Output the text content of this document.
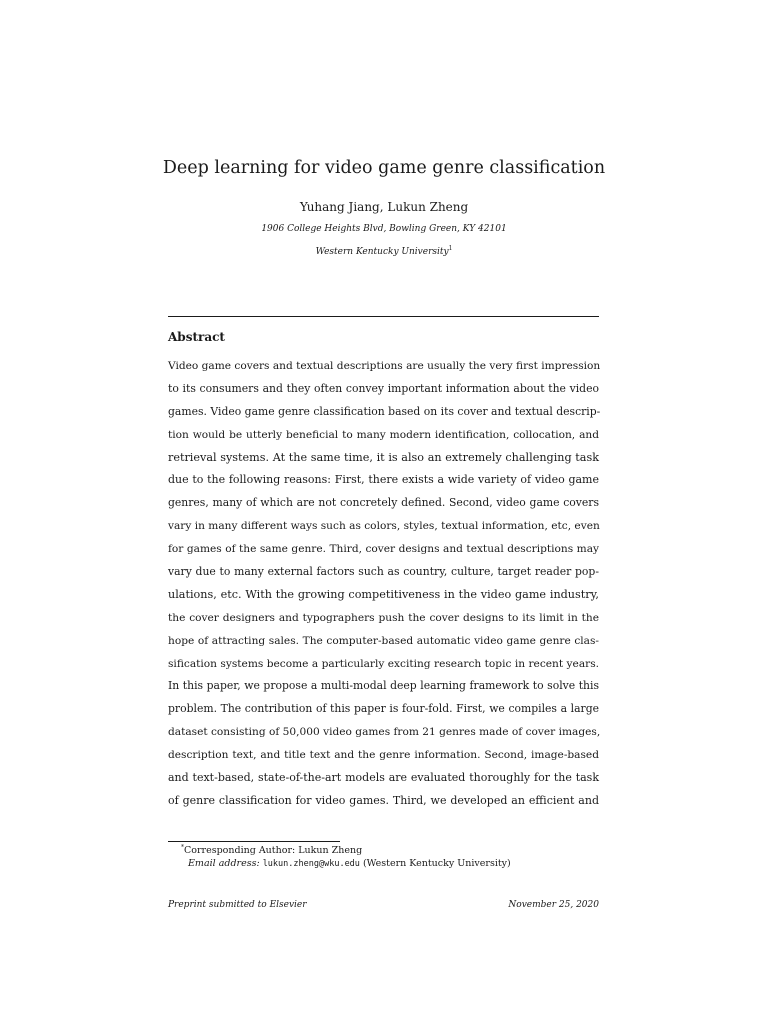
Deep learning for video game genre classification
Yuhang Jiang, Lukun Zheng
1906 College Heights Blvd, Bowling Green, KY 42101
Western Kentucky University$^1$
Abstract
Video game covers and textual descriptions are usually the very first impression
to its consumers and they often convey important information about the video
games. Video game genre classification based on its cover and textual descrip-
tion would be utterly beneficial to many modern identification, collocation, and
retrieval systems. At the same time, it is also an extremely challenging task
due to the following reasons: First, there exists a wide variety of video game
genres, many of which are not concretely defined. Second, video game covers
vary in many different ways such as colors, styles, textual information, etc, even
for games of the same genre. Third, cover designs and textual descriptions may
vary due to many external factors such as country, culture, target reader pop-
ulations, etc. With the growing competitiveness in the video game industry,
the cover designers and typographers push the cover designs to its limit in the
hope of attracting sales. The computer-based automatic video game genre clas-
sification systems become a particularly exciting research topic in recent years.
In this paper, we propose a multi-modal deep learning framework to solve this
problem. The contribution of this paper is four-fold. First, we compiles a large
dataset consisting of 50,000 video games from 21 genres made of cover images,
description text, and title text and the genre information. Second, image-based
and text-based, state-of-the-art models are evaluated thoroughly for the task
of genre classification for video games. Third, we developed an efficient and
*Corresponding Author: Lukun Zheng
Email address: lukun.zheng@wku.edu (Western Kentucky University)
Preprint submitted to Elsevier	November 25, 2020
